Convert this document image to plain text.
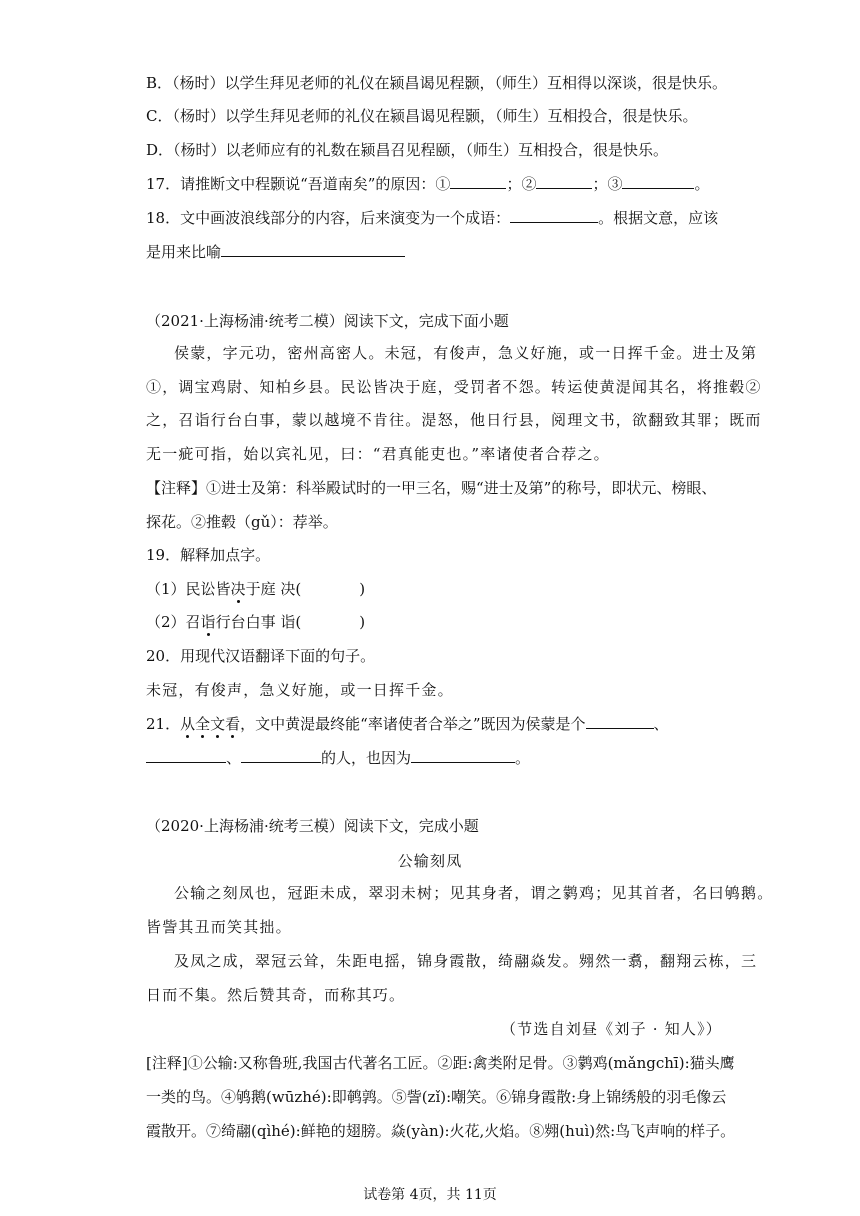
B．（杨时）以学生拜见老师的礼仪在颍昌谒见程颢，（师生）互相得以深谈，很是快乐。
C．（杨时）以学生拜见老师的礼仪在颍昌谒见程颢，（师生）互相投合，很是快乐。
D．（杨时）以老师应有的礼数在颍昌召见程颐，（师生）互相投合，很是快乐。
17．请推断文中程颢说“吾道南矣”的原因：①	；②	；③	。
18．文中画波浪线部分的内容，后来演变为一个成语：	。根据文意，应该
是用来比喻
（2021·上海杨浦·统考二模）阅读下文，完成下面小题
侯蒙，字元功，密州高密人。未冠，有俊声，急义好施，或一日挥千金。进士及第
①，调宝鸡尉、知柏乡县。民讼皆决于庭，受罚者不怨。转运使黄湜闻其名，将推毂②
之，召诣行台白事，蒙以越境不肯往。湜怒，他日行县，阅理文书，欲翻致其罪；既而
无一疵可指，始以宾礼见，曰：“君真能吏也。”率诸使者合荐之。
【注释】①进士及第：科举殿试时的一甲三名，赐“进士及第”的称号，即状元、榜眼、
探花。②推毂（gǔ）：荐举。
19．解释加点字。
（1）民讼皆决于庭 决(	)
（2）召诣行台白事 诣(	)
20．用现代汉语翻译下面的句子。
未冠，有俊声，急义好施，或一日挥千金。
21．从全文看，文中黄湜最终能“率诸使者合举之”既因为侯蒙是个	、
、	的人，也因为	。
（2020·上海杨浦·统考三模）阅读下文，完成小题
公输刻凤
公输之刻凤也，冠距未成，翠羽未树；见其身者，谓之鹲鸡；见其首者，名曰鸲鹅。
皆訾其丑而笑其拙。
及凤之成，翠冠云耸，朱距电摇，锦身霞散，绮翮焱发。翙然一翥，翻翔云栋，三
日而不集。然后赞其奇，而称其巧。
（节选自刘昼《刘子 · 知人》）
[注释]①公输:又称鲁班,我国古代著名工匠。②距:禽类附足骨。③鹲鸡(mǎngchī):猫头鹰
一类的鸟。④鸲鹅(wūzhé):即鹌鹑。⑤訾(zǐ):嘲笑。⑥锦身霞散:身上锦绣般的羽毛像云
霞散开。⑦绮翮(qìhé):鲜艳的翅膀。焱(yàn):火花,火焰。⑧翙(huì)然:鸟飞声响的样子。
试卷第 4页，共 11页
